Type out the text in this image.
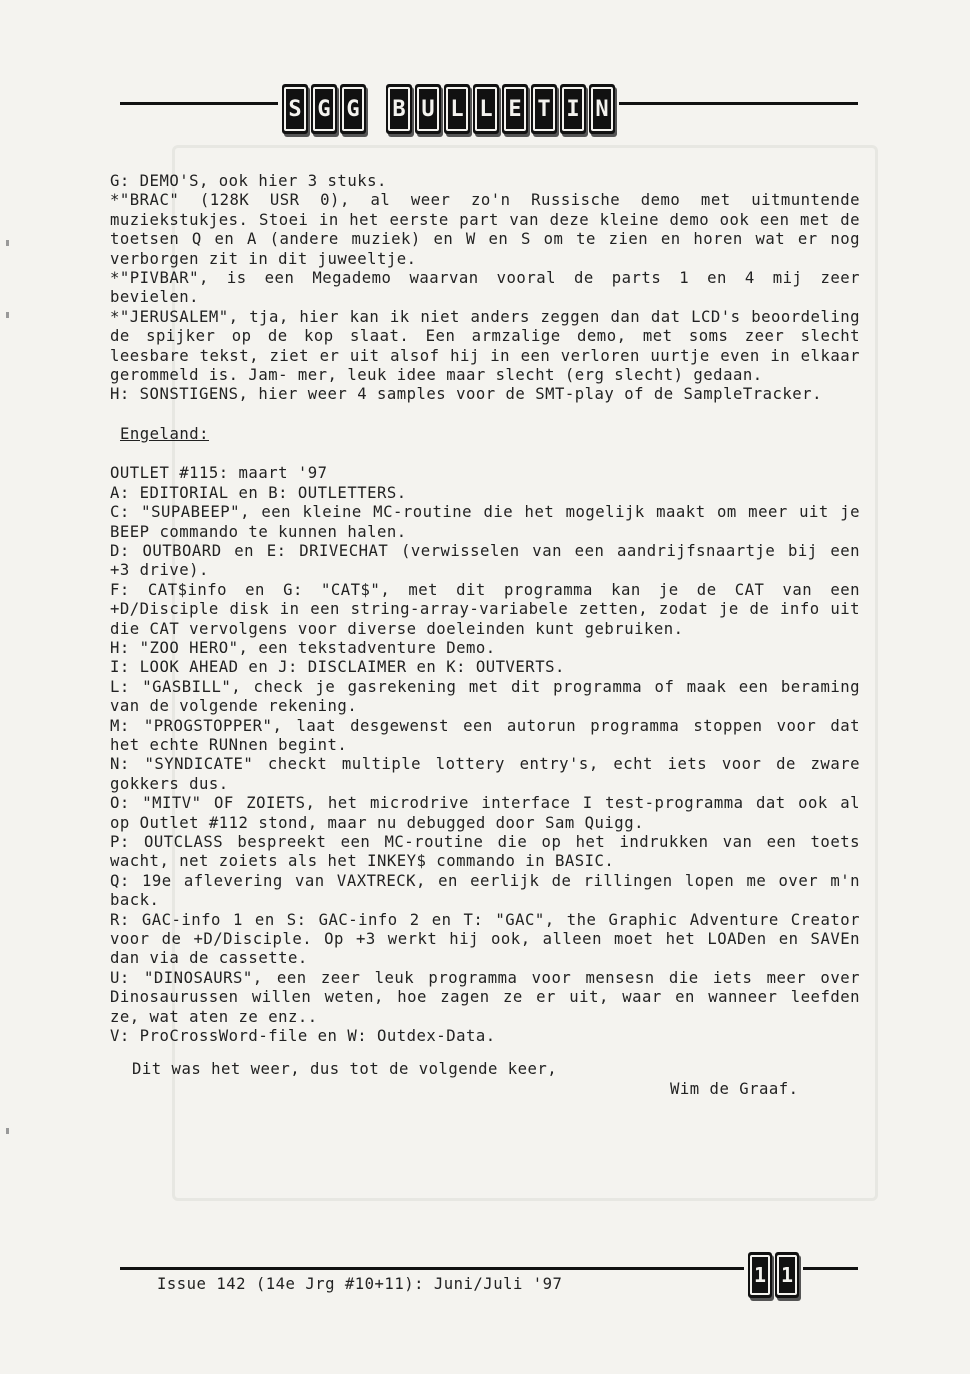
S G G B U L L E T I N

G: DEMO'S, ook hier 3 stuks.

*"BRAC" (128K USR 0), al weer zo'n Russische demo met uitmuntende muziekstukjes. Stoei in het eerste part van deze kleine demo ook een met de toetsen Q en A (andere muziek) en W en S om te zien en horen wat er nog verborgen zit in dit juweeltje.

*"PIVBAR", is een Megademo waarvan vooral de parts 1 en 4 mij zeer bevielen.

*"JERUSALEM", tja, hier kan ik niet anders zeggen dan dat LCD's beoordeling de spijker op de kop slaat. Een armzalige demo, met soms zeer slecht leesbare tekst, ziet er uit alsof hij in een verloren uurtje even in elkaar gerommeld is. Jam- mer, leuk idee maar slecht (erg slecht) gedaan.

H: SONSTIGENS, hier weer 4 samples voor de SMT-play of de SampleTracker.

Engeland:

OUTLET #115: maart '97

A: EDITORIAL en B: OUTLETTERS.

C: "SUPABEEP", een kleine MC-routine die het mogelijk maakt om meer uit je BEEP commando te kunnen halen.

D: OUTBOARD en E: DRIVECHAT (verwisselen van een aandrijfsnaartje bij een +3 drive).

F: CAT$info en G: "CAT$", met dit programma kan je de CAT van een +D/Disciple disk in een string-array-variabele zetten, zodat je de info uit die CAT vervolgens voor diverse doeleinden kunt gebruiken.

H: "ZOO HERO", een tekstadventure Demo.

I: LOOK AHEAD en J: DISCLAIMER en K: OUTVERTS.

L: "GASBILL", check je gasrekening met dit programma of maak een beraming van de volgende rekening.

M: "PROGSTOPPER", laat desgewenst een autorun programma stoppen voor dat het echte RUNnen begint.

N: "SYNDICATE" checkt multiple lottery entry's, echt iets voor de zware gokkers dus.

O: "MITV" OF ZOIETS, het microdrive interface I test-programma dat ook al op Outlet #112 stond, maar nu debugged door Sam Quigg.

P: OUTCLASS bespreekt een MC-routine die op het indrukken van een toets wacht, net zoiets als het INKEY$ commando in BASIC.

Q: 19e aflevering van VAXTRECK, en eerlijk de rillingen lopen me over m'n back.

R: GAC-info 1 en S: GAC-info 2 en T: "GAC", the Graphic Adventure Creator voor de +D/Disciple. Op +3 werkt hij ook, alleen moet het LOADen en SAVEn dan via de cassette.

U: "DINOSAURS", een zeer leuk programma voor mensesn die iets meer over Dinosaurussen willen weten, hoe zagen ze er uit, waar en wanneer leefden ze, wat aten ze enz..

V: ProCrossWord-file en W: Outdex-Data.

Dit was het weer, dus tot de volgende keer,

Wim de Graaf.

Issue 142 (14e Jrg #10+11): Juni/Juli '97	1 1
